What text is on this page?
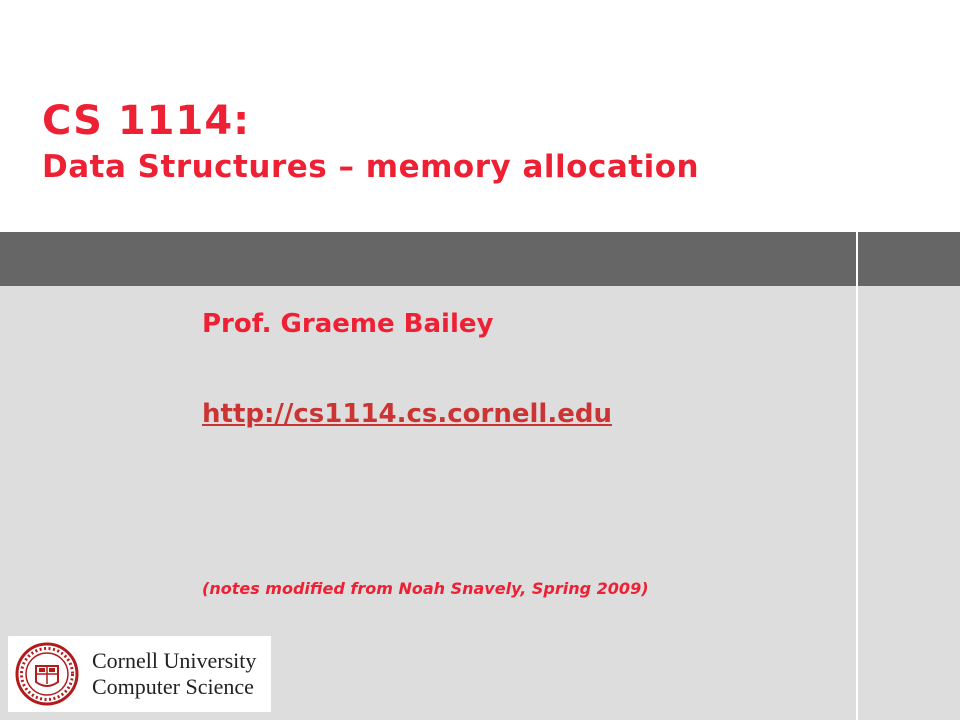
CS 1114:
Data Structures – memory allocation
Prof. Graeme Bailey
http://cs1114.cs.cornell.edu
(notes modified from Noah Snavely, Spring 2009)
Cornell University
Computer Science
